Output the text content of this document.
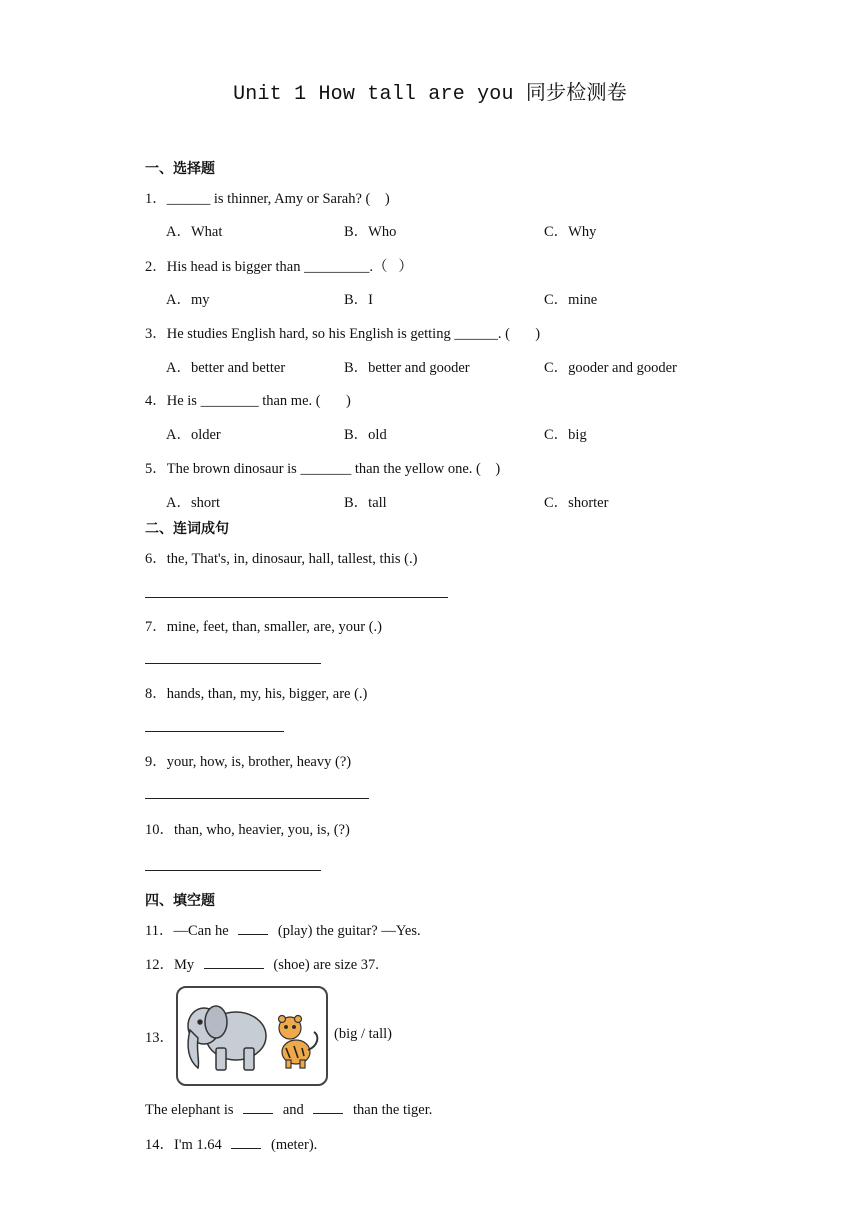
Unit 1 How tall are you 同步检测卷
一、选择题
1．______ is thinner, Amy or Sarah? (    )
A．What	B．Who	C．Why
2．His head is bigger than _________.（   ）
A．my	B．I	C．mine
3．He studies English hard, so his English is getting ______. (       )
A．better and better	B．better and gooder	C．gooder and gooder
4．He is ________ than me. (       )
A．older	B．old	C．big
5．The brown dinosaur is _______ than the yellow one. (    )
A．short	B．tall	C．shorter
二、连词成句
6．the, That's, in, dinosaur, hall, tallest, this (.)
7．mine, feet, than, smaller, are, your (.)
8．hands, than, my, his, bigger, are (.)
9．your, how, is, brother, heavy (?)
10．than, who, heavier, you, is, (?)
四、填空题
11．—Can he	(play) the guitar? —Yes.
12．My	(shoe) are size 37.
13．	(big / tall)
The elephant is	and	than the tiger.
14．I'm 1.64	(meter).
